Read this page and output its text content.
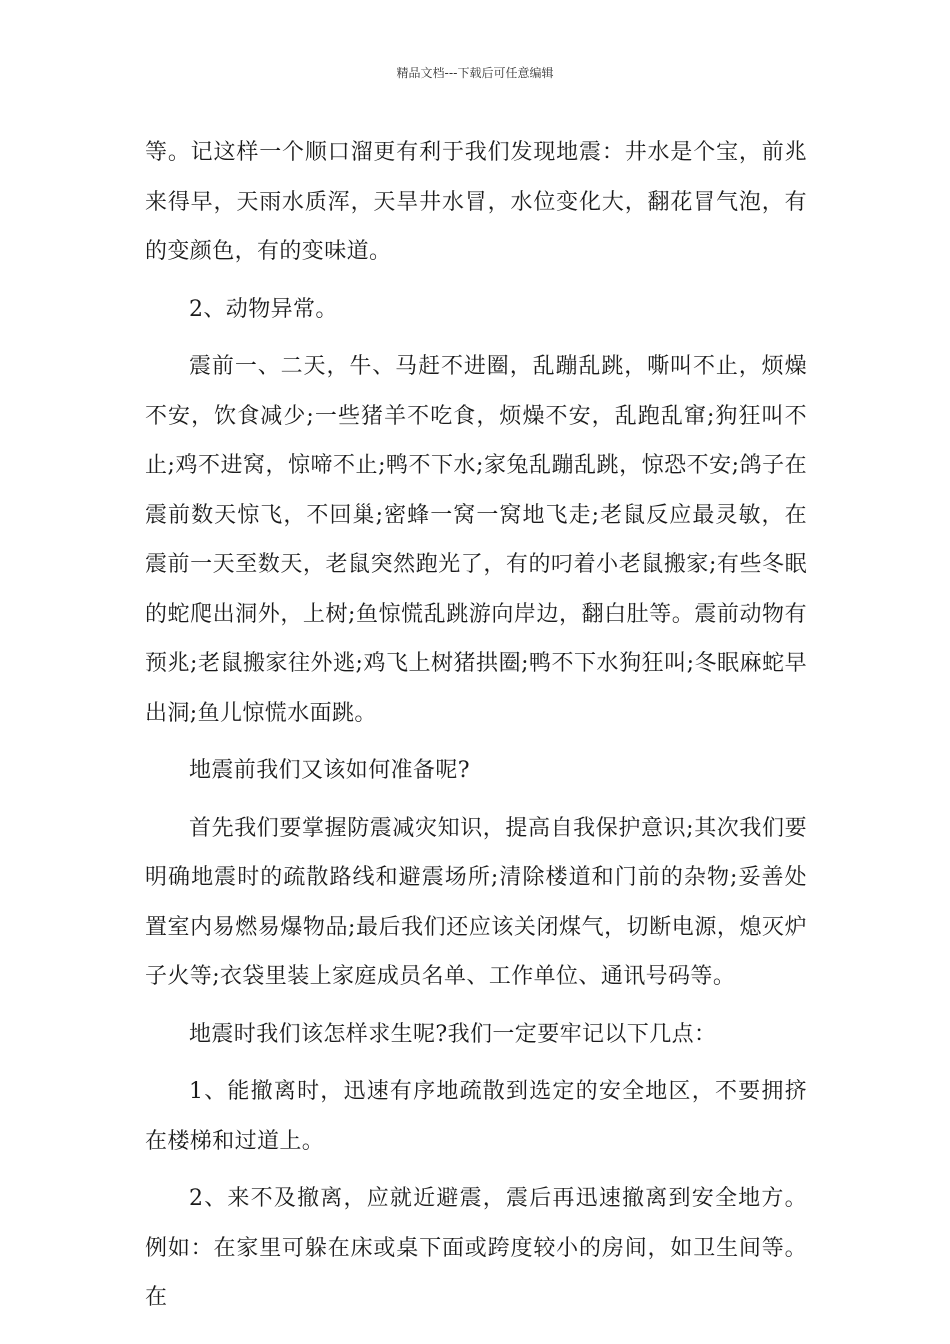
精品文档---下载后可任意编辑

等。记这样一个顺口溜更有利于我们发现地震：井水是个宝，前兆来得早，天雨水质浑，天旱井水冒，水位变化大，翻花冒气泡，有的变颜色，有的变味道。

2、动物异常。

震前一、二天，牛、马赶不进圈，乱蹦乱跳，嘶叫不止，烦燥不安，饮食减少;一些猪羊不吃食，烦燥不安，乱跑乱窜;狗狂叫不止;鸡不进窝，惊啼不止;鸭不下水;家兔乱蹦乱跳，惊恐不安;鸽子在震前数天惊飞，不回巢;密蜂一窝一窝地飞走;老鼠反应最灵敏，在震前一天至数天，老鼠突然跑光了，有的叼着小老鼠搬家;有些冬眠的蛇爬出洞外，上树;鱼惊慌乱跳游向岸边，翻白肚等。震前动物有预兆;老鼠搬家往外逃;鸡飞上树猪拱圈;鸭不下水狗狂叫;冬眠麻蛇早出洞;鱼儿惊慌水面跳。

地震前我们又该如何准备呢?

首先我们要掌握防震减灾知识，提高自我保护意识;其次我们要明确地震时的疏散路线和避震场所;清除楼道和门前的杂物;妥善处置室内易燃易爆物品;最后我们还应该关闭煤气，切断电源，熄灭炉子火等;衣袋里装上家庭成员名单、工作单位、通讯号码等。

地震时我们该怎样求生呢?我们一定要牢记以下几点：

1、能撤离时，迅速有序地疏散到选定的安全地区，不要拥挤在楼梯和过道上。

2、来不及撤离，应就近避震，震后再迅速撤离到安全地方。例如：在家里可躲在床或桌下面或跨度较小的房间，如卫生间等。在
